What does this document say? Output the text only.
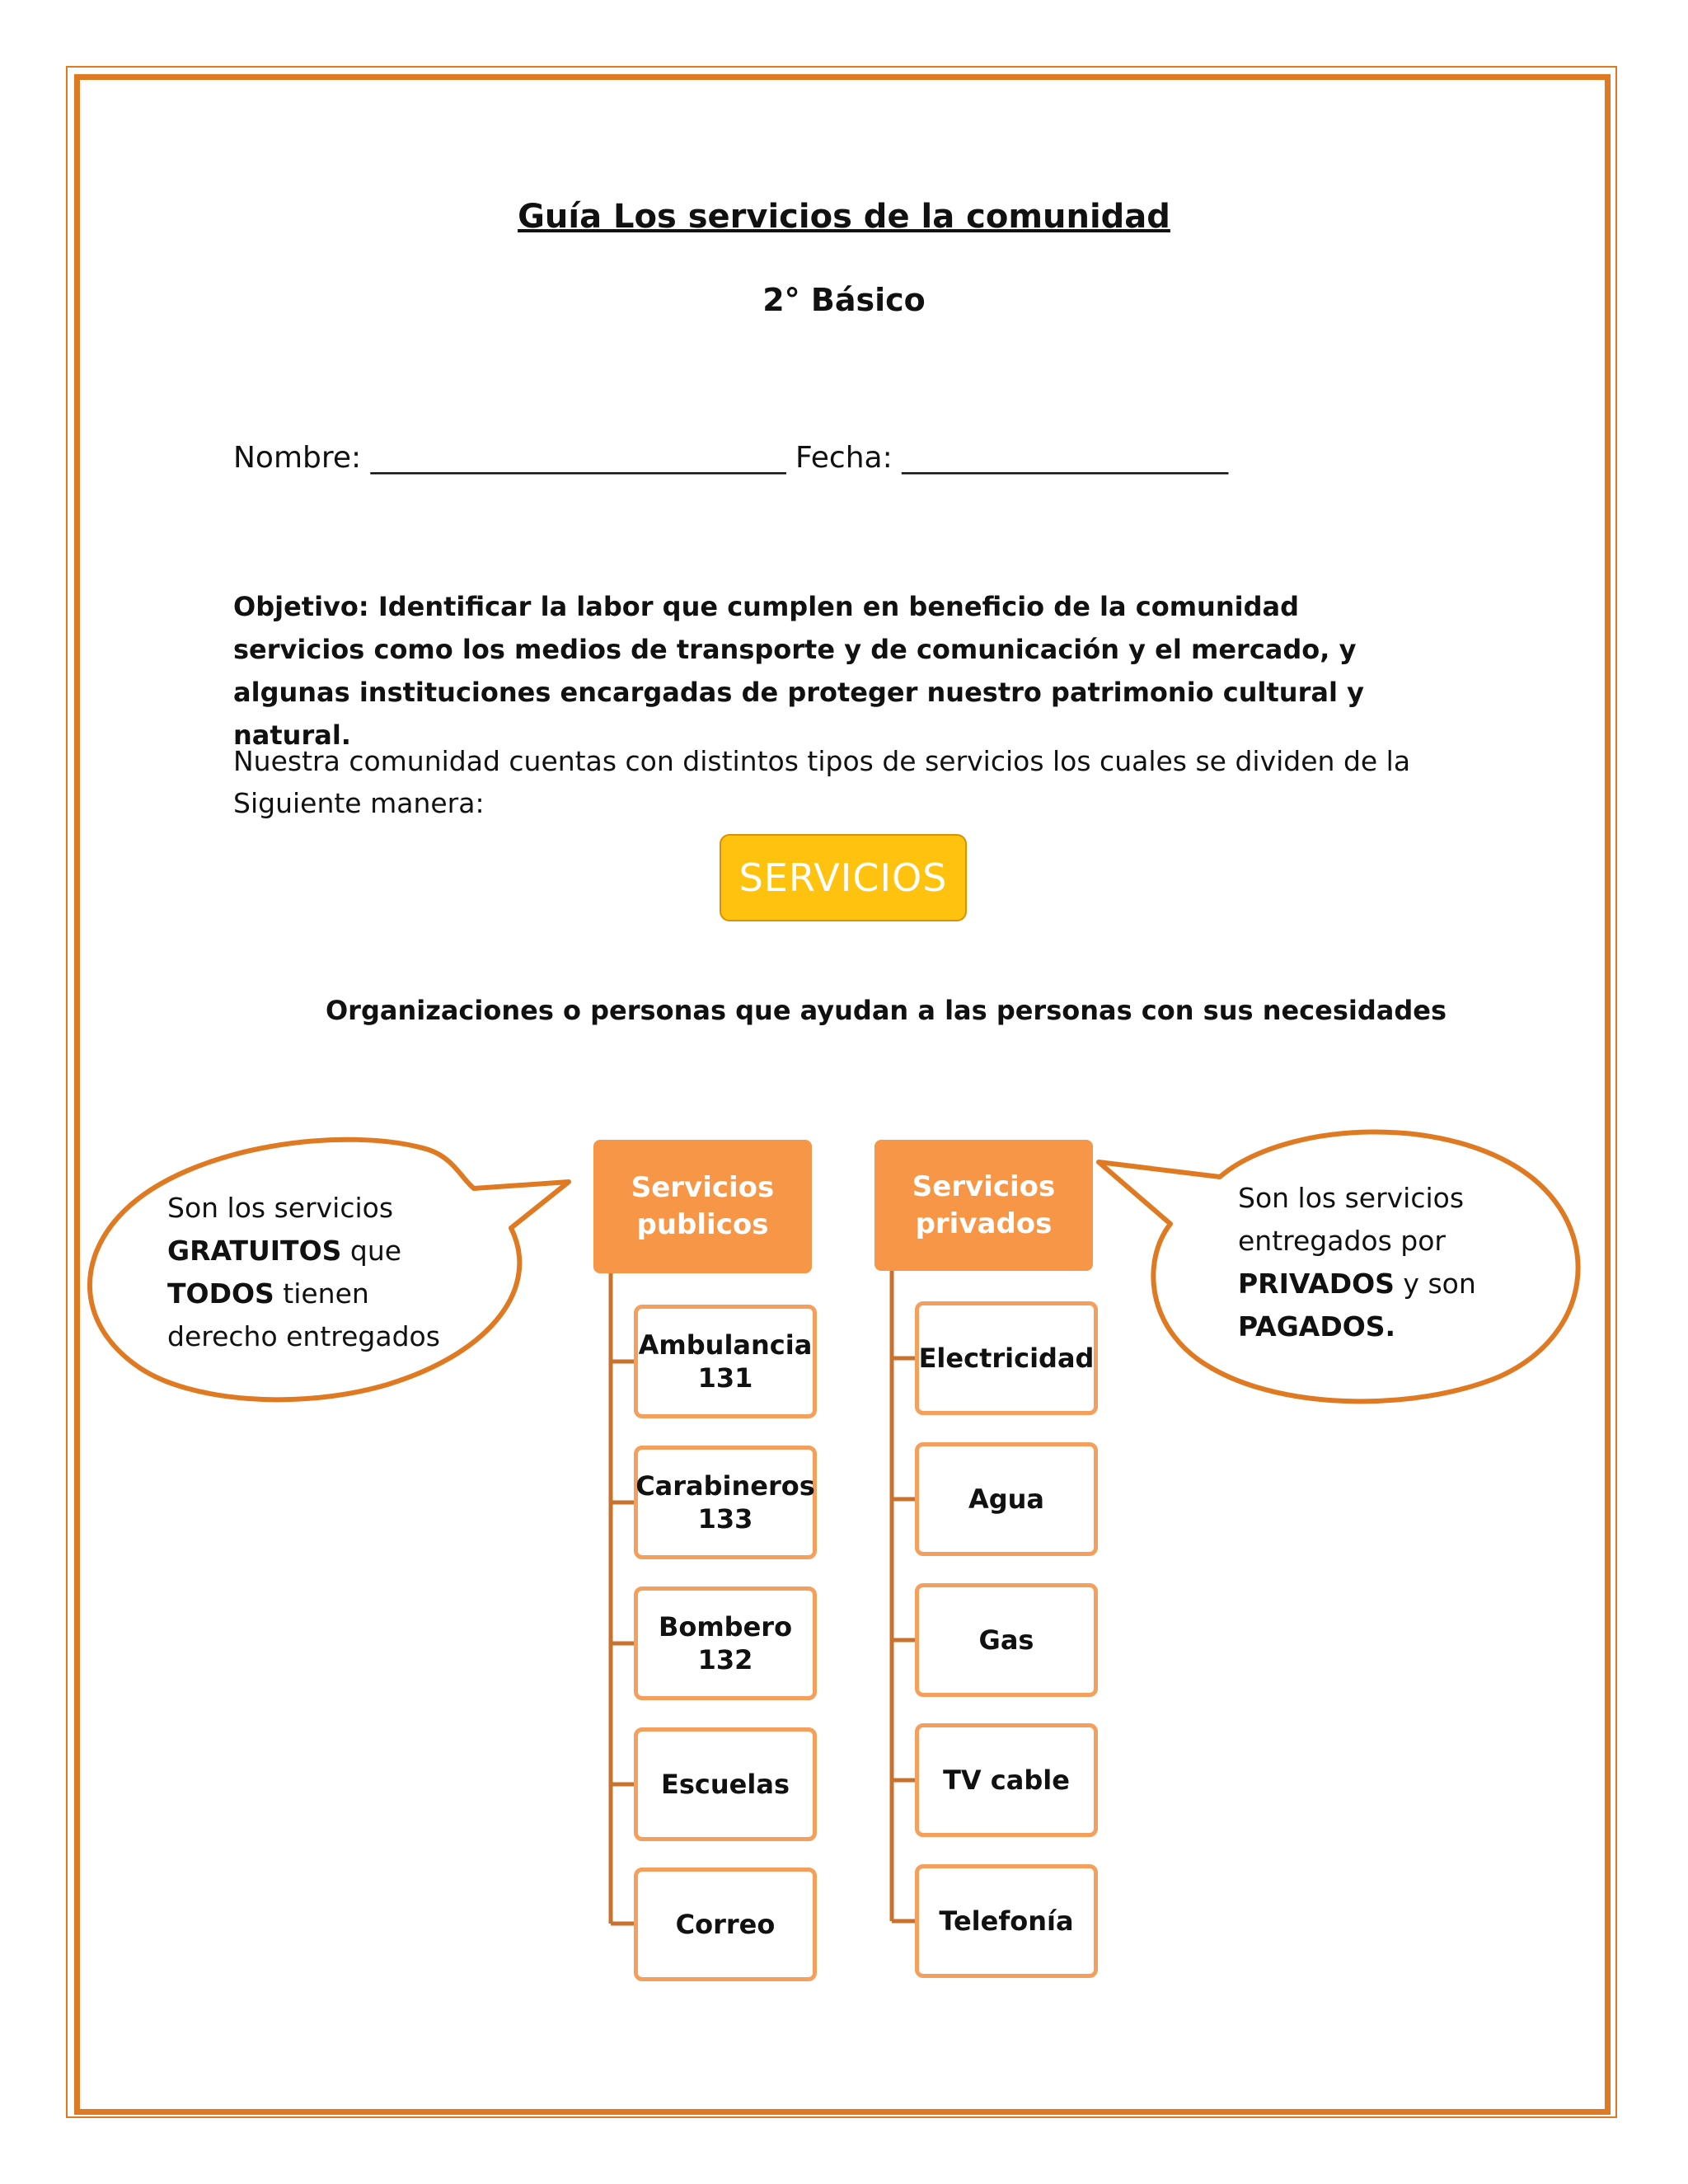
Guía Los servicios de la comunidad
2° Básico
Nombre: ____________________________ Fecha: ______________________
Objetivo: Identificar la labor que cumplen en beneficio de la comunidad servicios como los medios de transporte y de comunicación y el mercado, y algunas instituciones encargadas de proteger nuestro patrimonio cultural y natural.
Nuestra comunidad cuentas con distintos tipos de servicios los cuales se dividen de la Siguiente manera:
SERVICIOS
Organizaciones o personas que ayudan a las personas con sus necesidades
Son los servicios
GRATUITOS que
TODOS tienen
derecho entregados
Son los servicios
entregados por
PRIVADOS y son
PAGADOS.
Servicios
publicos
Ambulancia
131
Carabineros
133
Bombero
132
Escuelas
Correo
Servicios
privados
Electricidad
Agua
Gas
TV cable
Telefonía
